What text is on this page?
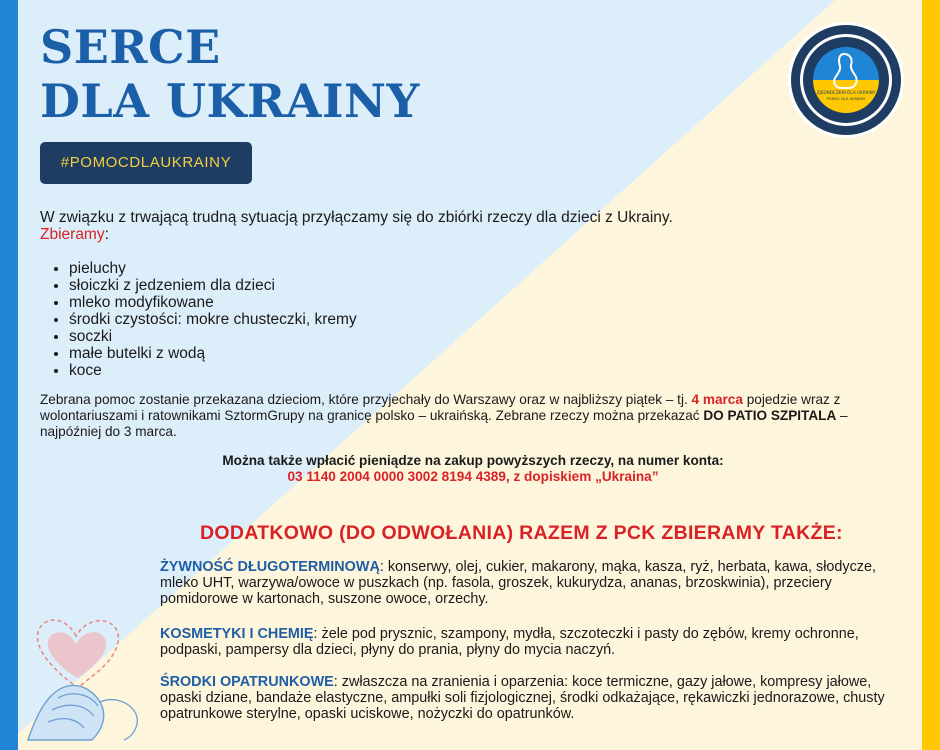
SERCE
DLA UKRAINY
#POMOCDLAUKRAINY
ZJEDNOCZENI DLA UKRAINY
POMOC DLA UKRAINY
W związku z trwającą trudną sytuacją przyłączamy się do zbiórki rzeczy dla dzieci z Ukrainy.
Zbieramy:
• pieluchy
• słoiczki z jedzeniem dla dzieci
• mleko modyfikowane
• środki czystości: mokre chusteczki, kremy
• soczki
• małe butelki z wodą
• koce

Zebrana pomoc zostanie przekazana dzieciom, które przyjechały do Warszawy oraz w najbliższy piątek – tj. 4 marca pojedzie wraz z wolontariuszami i ratownikami SztormGrupy na granicę polsko – ukraińską. Zebrane rzeczy można przekazać DO PATIO SZPITALA – najpóźniej do 3 marca.

Można także wpłacić pieniądze na zakup powyższych rzeczy, na numer konta:
03 1140 2004 0000 3002 8194 4389, z dopiskiem „Ukraina”
DODATKOWO (DO ODWOŁANIA) RAZEM Z PCK ZBIERAMY TAKŻE:

ŻYWNOŚĆ DŁUGOTERMINOWĄ: konserwy, olej, cukier, makarony, mąka, kasza, ryż, herbata, kawa, słodycze, mleko UHT, warzywa/owoce w puszkach (np. fasola, groszek, kukurydza, ananas, brzoskwinia), przeciery pomidorowe w kartonach, suszone owoce, orzechy.

KOSMETYKI I CHEMIĘ: żele pod prysznic, szampony, mydła, szczoteczki i pasty do zębów, kremy ochronne, podpaski, pampersy dla dzieci, płyny do prania, płyny do mycia naczyń.

ŚRODKI OPATRUNKOWE: zwłaszcza na zranienia i oparzenia: koce termiczne, gazy jałowe, kompresy jałowe, opaski dziane, bandaże elastyczne, ampułki soli fizjologicznej, środki odkażające, rękawiczki jednorazowe, chusty opatrunkowe sterylne, opaski uciskowe, nożyczki do opatrunków.
